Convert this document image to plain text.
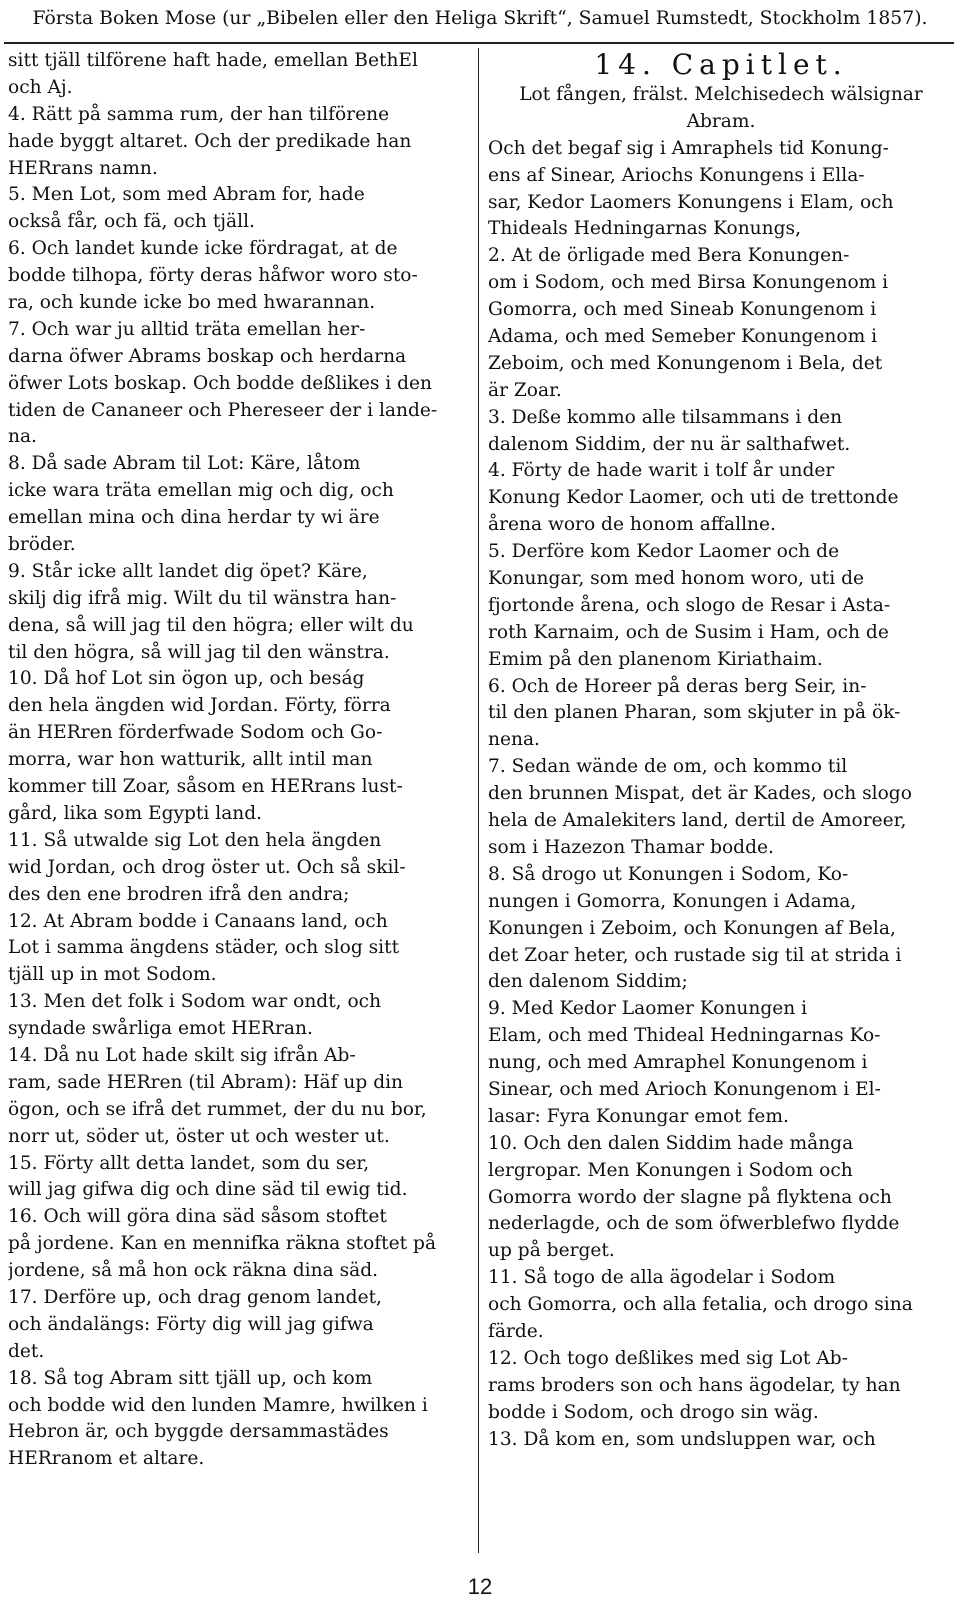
Första Boken Mose (ur „Bibelen eller den Heliga Skrift“, Samuel Rumstedt, Stockholm 1857).
sitt tjäll tilförene haft hade, emellan BethEl
och Aj.
4. Rätt på samma rum, der han tilförene
hade byggt altaret. Och der predikade han
HERrans namn.
5. Men Lot, som med Abram for, hade
också får, och fä, och tjäll.
6. Och landet kunde icke fördragat, at de
bodde tilhopa, förty deras håfwor woro sto-
ra, och kunde icke bo med hwarannan.
7. Och war ju alltid träta emellan her-
darna öfwer Abrams boskap och herdarna
öfwer Lots boskap. Och bodde deßlikes i den
tiden de Cananeer och Phereseer der i lande-
na.
8. Då sade Abram til Lot: Käre, låtom
icke wara träta emellan mig och dig, och
emellan mina och dina herdar ty wi äre
bröder.
9. Står icke allt landet dig öpet? Käre,
skilj dig ifrå mig. Wilt du til wänstra han-
dena, så will jag til den högra; eller wilt du
til den högra, så will jag til den wänstra.
10. Då hof Lot sin ögon up, och beság
den hela ängden wid Jordan. Förty, förra
än HERren förderfwade Sodom och Go-
morra, war hon watturik, allt intil man
kommer till Zoar, såsom en HERrans lust-
gård, lika som Egypti land.
11. Så utwalde sig Lot den hela ängden
wid Jordan, och drog öster ut. Och så skil-
des den ene brodren ifrå den andra;
12. At Abram bodde i Canaans land, och
Lot i samma ängdens städer, och slog sitt
tjäll up in mot Sodom.
13. Men det folk i Sodom war ondt, och
syndade swårliga emot HERran.
14. Då nu Lot hade skilt sig ifrån Ab-
ram, sade HERren (til Abram): Häf up din
ögon, och se ifrå det rummet, der du nu bor,
norr ut, söder ut, öster ut och wester ut.
15. Förty allt detta landet, som du ser,
will jag gifwa dig och dine säd til ewig tid.
16. Och will göra dina säd såsom stoftet
på jordene. Kan en mennifka räkna stoftet på
jordene, så må hon ock räkna dina säd.
17. Derföre up, och drag genom landet,
och ändalängs: Förty dig will jag gifwa
det.
18. Så tog Abram sitt tjäll up, och kom
och bodde wid den lunden Mamre, hwilken i
Hebron är, och byggde dersammastädes
HERranom et altare.
14. Capitlet.
Lot fången, frälst. Melchisedech wälsignar
Abram.
Och det begaf sig i Amraphels tid Konung-
ens af Sinear, Ariochs Konungens i Ella-
sar, Kedor Laomers Konungens i Elam, och
Thideals Hedningarnas Konungs,
2. At de örligade med Bera Konungen-
om i Sodom, och med Birsa Konungenom i
Gomorra, och med Sineab Konungenom i
Adama, och med Semeber Konungenom i
Zeboim, och med Konungenom i Bela, det
är Zoar.
3. Deße kommo alle tilsammans i den
dalenom Siddim, der nu är salthafwet.
4. Förty de hade warit i tolf år under
Konung Kedor Laomer, och uti de trettonde
årena woro de honom affallne.
5. Derföre kom Kedor Laomer och de
Konungar, som med honom woro, uti de
fjortonde årena, och slogo de Resar i Asta-
roth Karnaim, och de Susim i Ham, och de
Emim på den planenom Kiriathaim.
6. Och de Horeer på deras berg Seir, in-
til den planen Pharan, som skjuter in på ök-
nena.
7. Sedan wände de om, och kommo til
den brunnen Mispat, det är Kades, och slogo
hela de Amalekiters land, dertil de Amoreer,
som i Hazezon Thamar bodde.
8. Så drogo ut Konungen i Sodom, Ko-
nungen i Gomorra, Konungen i Adama,
Konungen i Zeboim, och Konungen af Bela,
det Zoar heter, och rustade sig til at strida i
den dalenom Siddim;
9. Med Kedor Laomer Konungen i
Elam, och med Thideal Hedningarnas Ko-
nung, och med Amraphel Konungenom i
Sinear, och med Arioch Konungenom i El-
lasar: Fyra Konungar emot fem.
10. Och den dalen Siddim hade många
lergropar. Men Konungen i Sodom och
Gomorra wordo der slagne på flyktena och
nederlagde, och de som öfwerblefwo flydde
up på berget.
11. Så togo de alla ägodelar i Sodom
och Gomorra, och alla fetalia, och drogo sina
färde.
12. Och togo deßlikes med sig Lot Ab-
rams broders son och hans ägodelar, ty han
bodde i Sodom, och drogo sin wäg.
13. Då kom en, som undsluppen war, och
12
